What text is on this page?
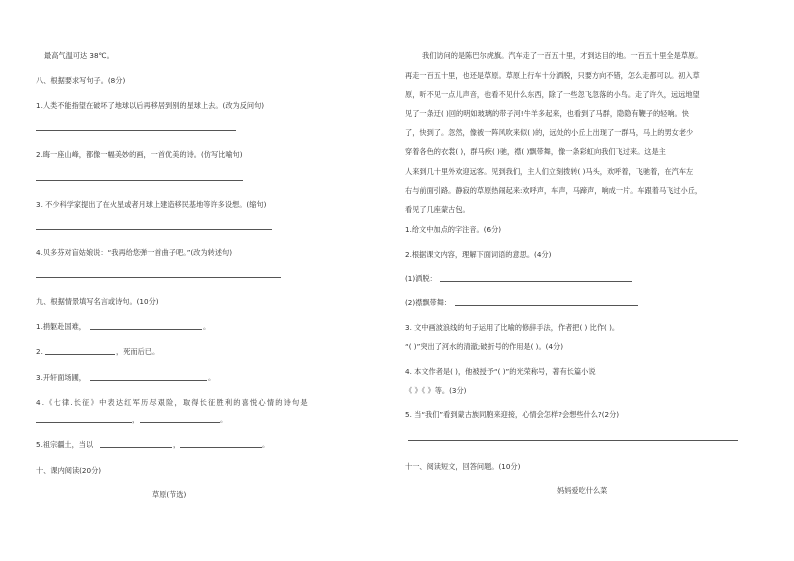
最高气温可达 38℃。
八、根据要求写句子。(8分)
1.人类不能指望在破坏了地球以后再移居到别的星球上去。(改为反问句)
2.晦一座山峰，都像一幅美妙的画，一首优美的诗。(仿写比喻句)
3. 不少科学家提出了在火星或者月球上建造移民基地等许多设想。(缩句)
4.贝多芬对盲姑娘说：“我再给您弹一首曲子吧。”(改为转述句)
九、根据情景填写名言或诗句。(10分)
1.捐躯赴国难，	。
2.	，死而后已。
3.开轩面场圃，	。
4.《七律.长征》中表达红军历尽艰险，取得长征胜利的喜悦心情的诗句是
，	。
5.祖宗疆土，当以	，	。
十、课内阅读(20分)
草原(节选)
我们访问的是陈巴尔虎旗。汽车走了一百五十里，才到达目的地。一百五十里全是草原。
再走一百五十里，也还是草原。草原上行车十分洒脱，只要方向不错，怎么走都可以。初入草
原，听不见一点儿声音，也看不见什么东西，除了一些忽飞忽落的小鸟。走了许久，远远地望
见了一条迂( )回的明如玻璃的带子河!牛羊多起来，也看到了马群，隐隐有鞭子的轻响。快
了，快到了。忽然，像被一阵风吹来似( )的，远处的小丘上出现了一群马，马上的男女老少
穿着各色的衣裳( )，群马疾( )驰，襟( )飘带舞，像一条彩虹向我们飞过来。这是主
人来到几十里外欢迎远客。见到我们，主人们立刻拨转( )马头，欢呼着，飞驰着，在汽车左
右与前面引路。静寂的草原热闹起来:欢呼声，车声，马蹄声，响成一片。车跟着马飞过小丘，
看见了几座蒙古包。
1.给文中加点的字注音。(6分)
2.根据课文内容，理解下面词语的意思。(4分)
(1)洒脱：
(2)襟飘带舞：
3. 文中画波浪线的句子运用了比喻的修辞手法，作者把( ) 比作( )。
“( )”突出了河水的清澈;破折号的作用是( )。(4分)
4. 本文作者是( )，他被授予“( )”的光荣称号，著有长篇小说
《 》《 》等。(3分)
5. 当“我们”看到蒙古族同胞来迎接，心情会怎样?会想些什么?(2分)
十一、阅读短文，回答问题。(10分)
妈妈爱吃什么菜
